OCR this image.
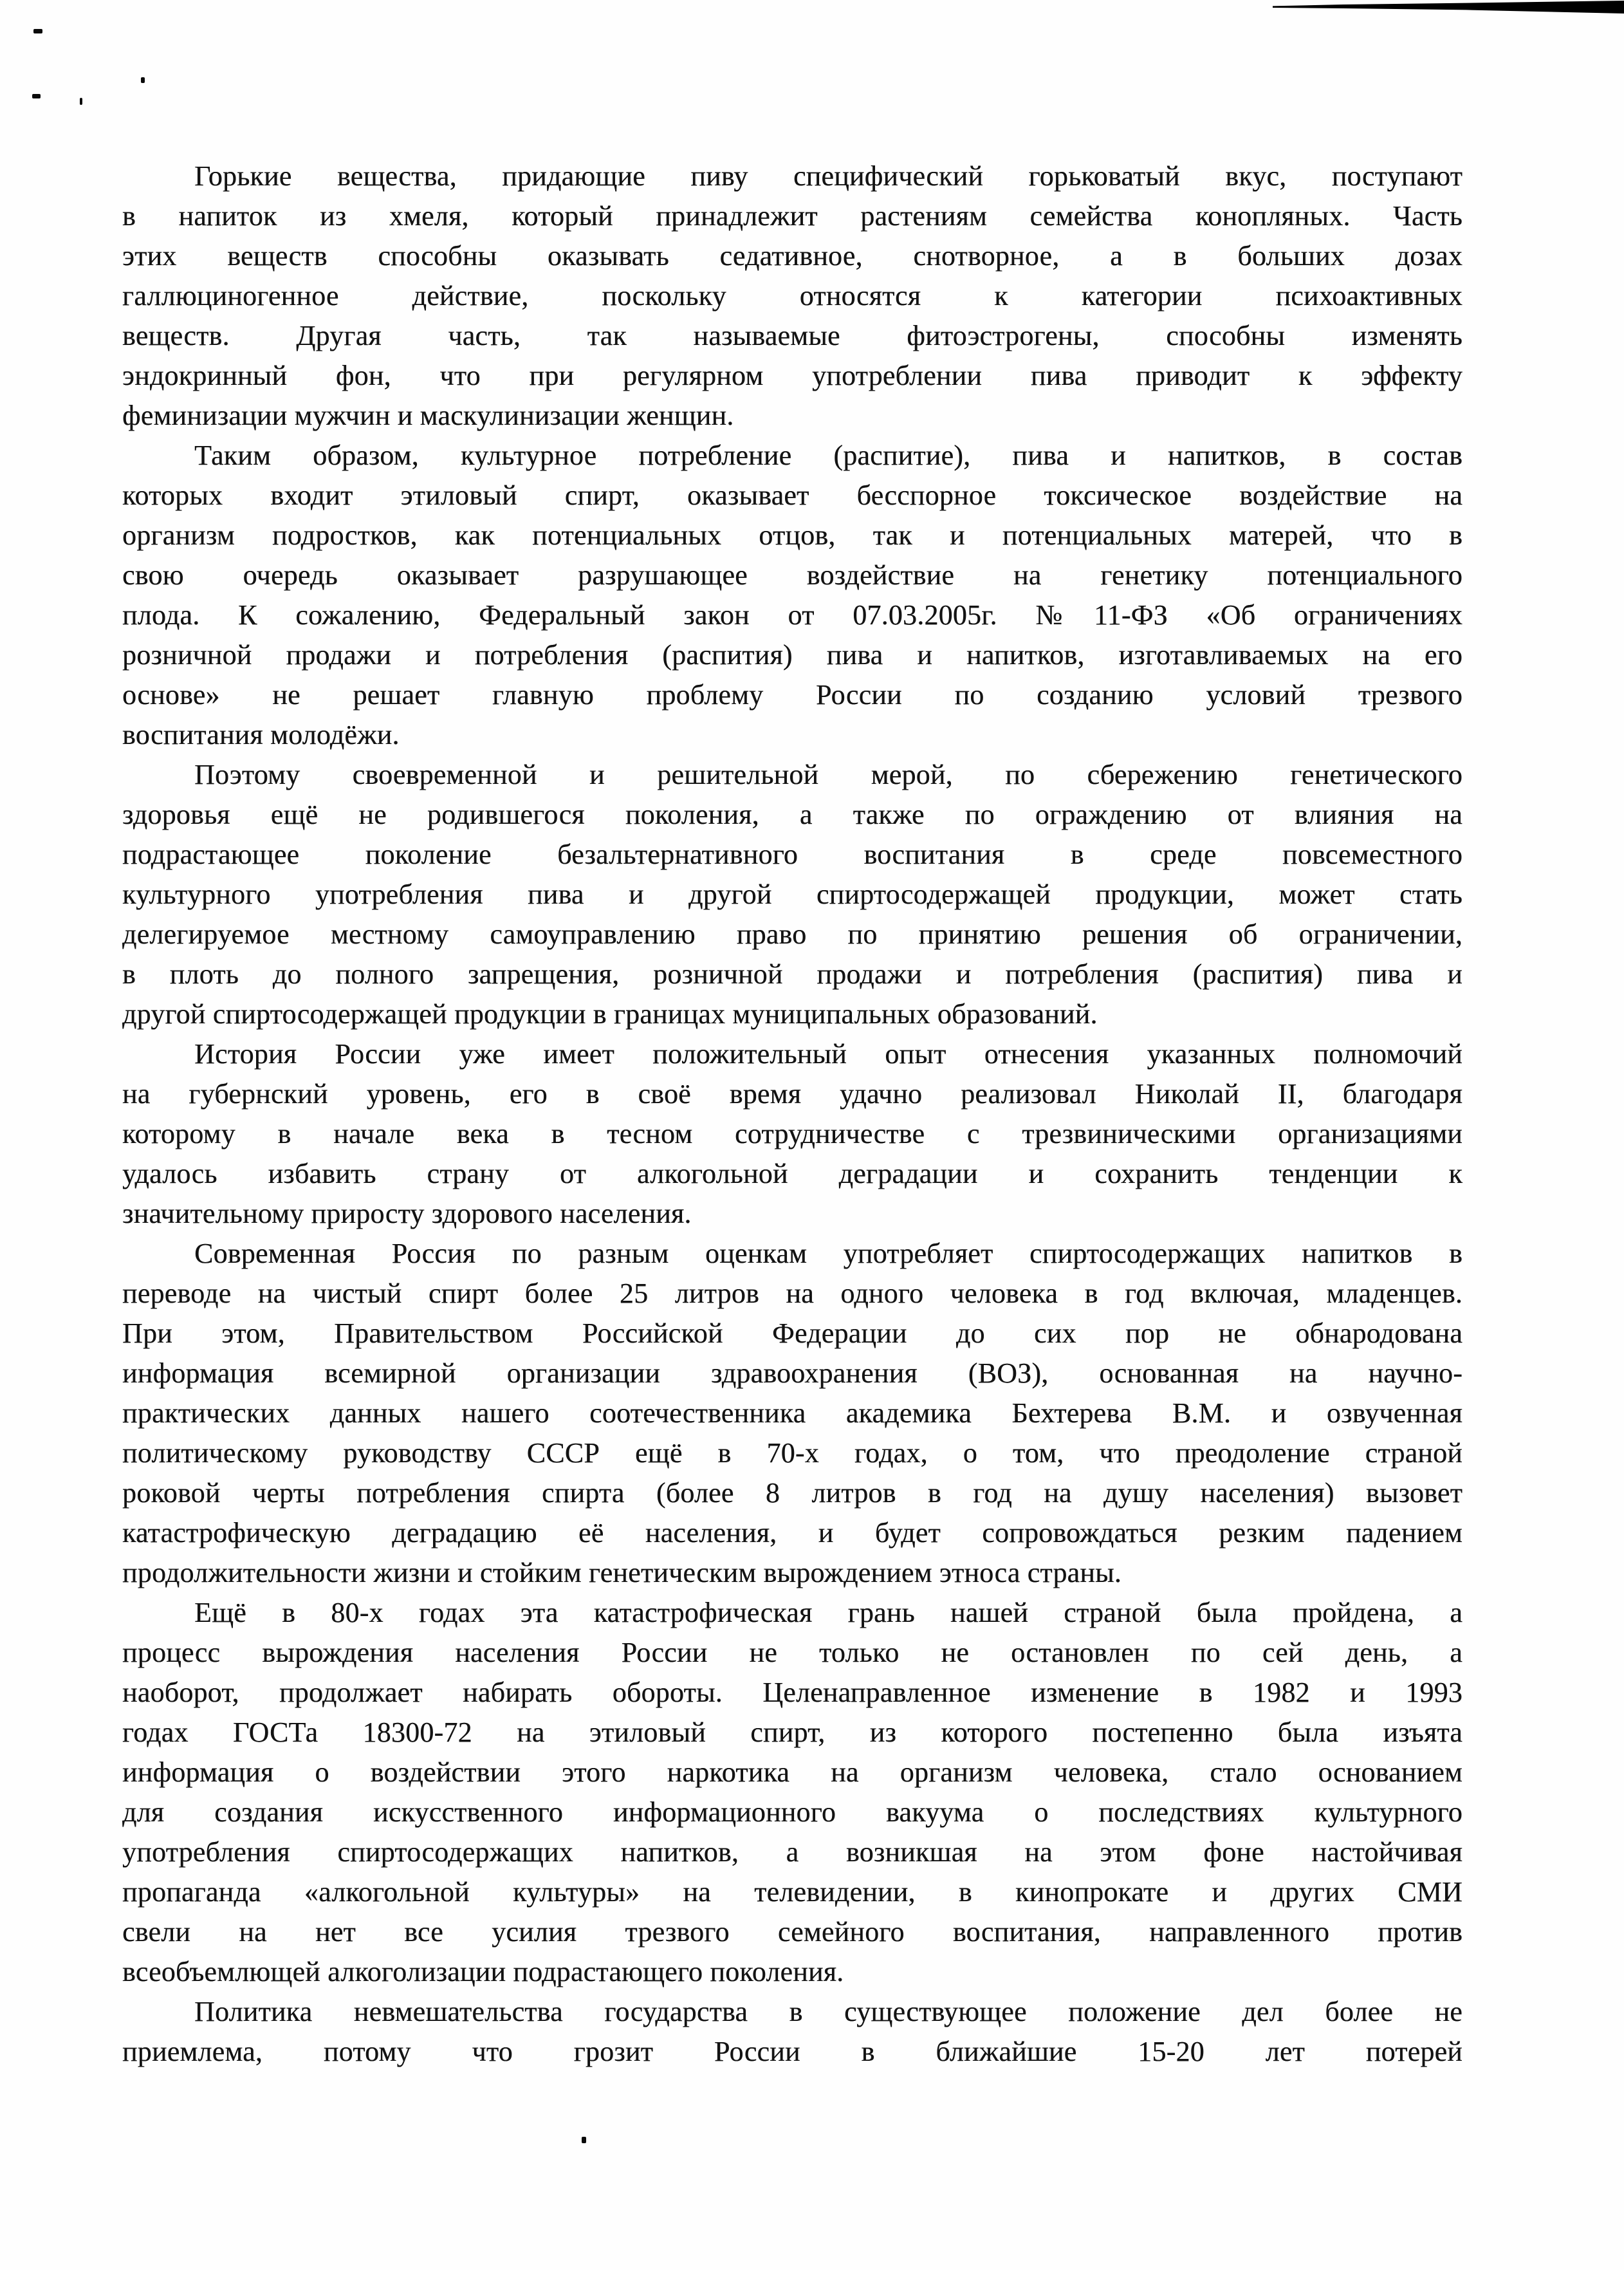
Горькие вещества, придающие пиву специфический горьковатый вкус, поступают
в напиток из хмеля, который принадлежит растениям семейства конопляных. Часть
этих веществ способны оказывать седативное, снотворное, а в больших дозах
галлюциногенное действие, поскольку относятся к категории психоактивных
веществ. Другая часть, так называемые фитоэстрогены, способны изменять
эндокринный фон, что при регулярном употреблении пива приводит к эффекту
феминизации мужчин и маскулинизации женщин.
Таким образом, культурное потребление (распитие), пива и напитков, в состав
которых входит этиловый спирт, оказывает бесспорное токсическое воздействие на
организм подростков, как потенциальных отцов, так и потенциальных матерей, что в
свою очередь оказывает разрушающее воздействие на генетику потенциального
плода. К сожалению, Федеральный закон от 07.03.2005г. №11-ФЗ «Об ограничениях
розничной продажи и потребления (распития) пива и напитков, изготавливаемых на его
основе» не решает главную проблему России по созданию условий трезвого
воспитания молодёжи.
Поэтому своевременной и решительной мерой, по сбережению генетического
здоровья ещё не родившегося поколения, а также по ограждению от влияния на
подрастающее поколение безальтернативного воспитания в среде повсеместного
культурного употребления пива и другой спиртосодержащей продукции, может стать
делегируемое местному самоуправлению право по принятию решения об ограничении,
в плоть до полного запрещения, розничной продажи и потребления (распития) пива и
другой спиртосодержащей продукции в границах муниципальных образований.
История России уже имеет положительный опыт отнесения указанных полномочий
на губернский уровень, его в своё время удачно реализовал Николай II, благодаря
которому в начале века в тесном сотрудничестве с трезвиническими организациями
удалось избавить страну от алкогольной деградации и сохранить тенденции к
значительному приросту здорового населения.
Современная Россия по разным оценкам употребляет спиртосодержащих напитков в
переводе на чистый спирт более 25 литров на одного человека в год включая, младенцев.
При этом, Правительством Российской Федерации до сих пор не обнародована
информация всемирной организации здравоохранения (ВОЗ), основанная на научно-
практических данных нашего соотечественника академика Бехтерева В.М. и озвученная
политическому руководству СССР ещё в 70-х годах, о том, что преодоление страной
роковой черты потребления спирта (более 8 литров в год на душу населения) вызовет
катастрофическую деградацию её населения, и будет сопровождаться резким падением
продолжительности жизни и стойким генетическим вырождением этноса страны.
Ещё в 80-х годах эта катастрофическая грань нашей страной была пройдена, а
процесс вырождения населения России не только не остановлен по сей день, а
наоборот, продолжает набирать обороты. Целенаправленное изменение в 1982 и 1993
годах ГОСТа 18300-72 на этиловый спирт, из которого постепенно была изъята
информация о воздействии этого наркотика на организм человека, стало основанием
для создания искусственного информационного вакуума о последствиях культурного
употребления спиртосодержащих напитков, а возникшая на этом фоне настойчивая
пропаганда «алкогольной культуры» на телевидении, в кинопрокате и других СМИ
свели на нет все усилия трезвого семейного воспитания, направленного против
всеобъемлющей алкоголизации подрастающего поколения.
Политика невмешательства государства в существующее положение дел более не
приемлема, потому что грозит России в ближайшие 15-20 лет потерей
